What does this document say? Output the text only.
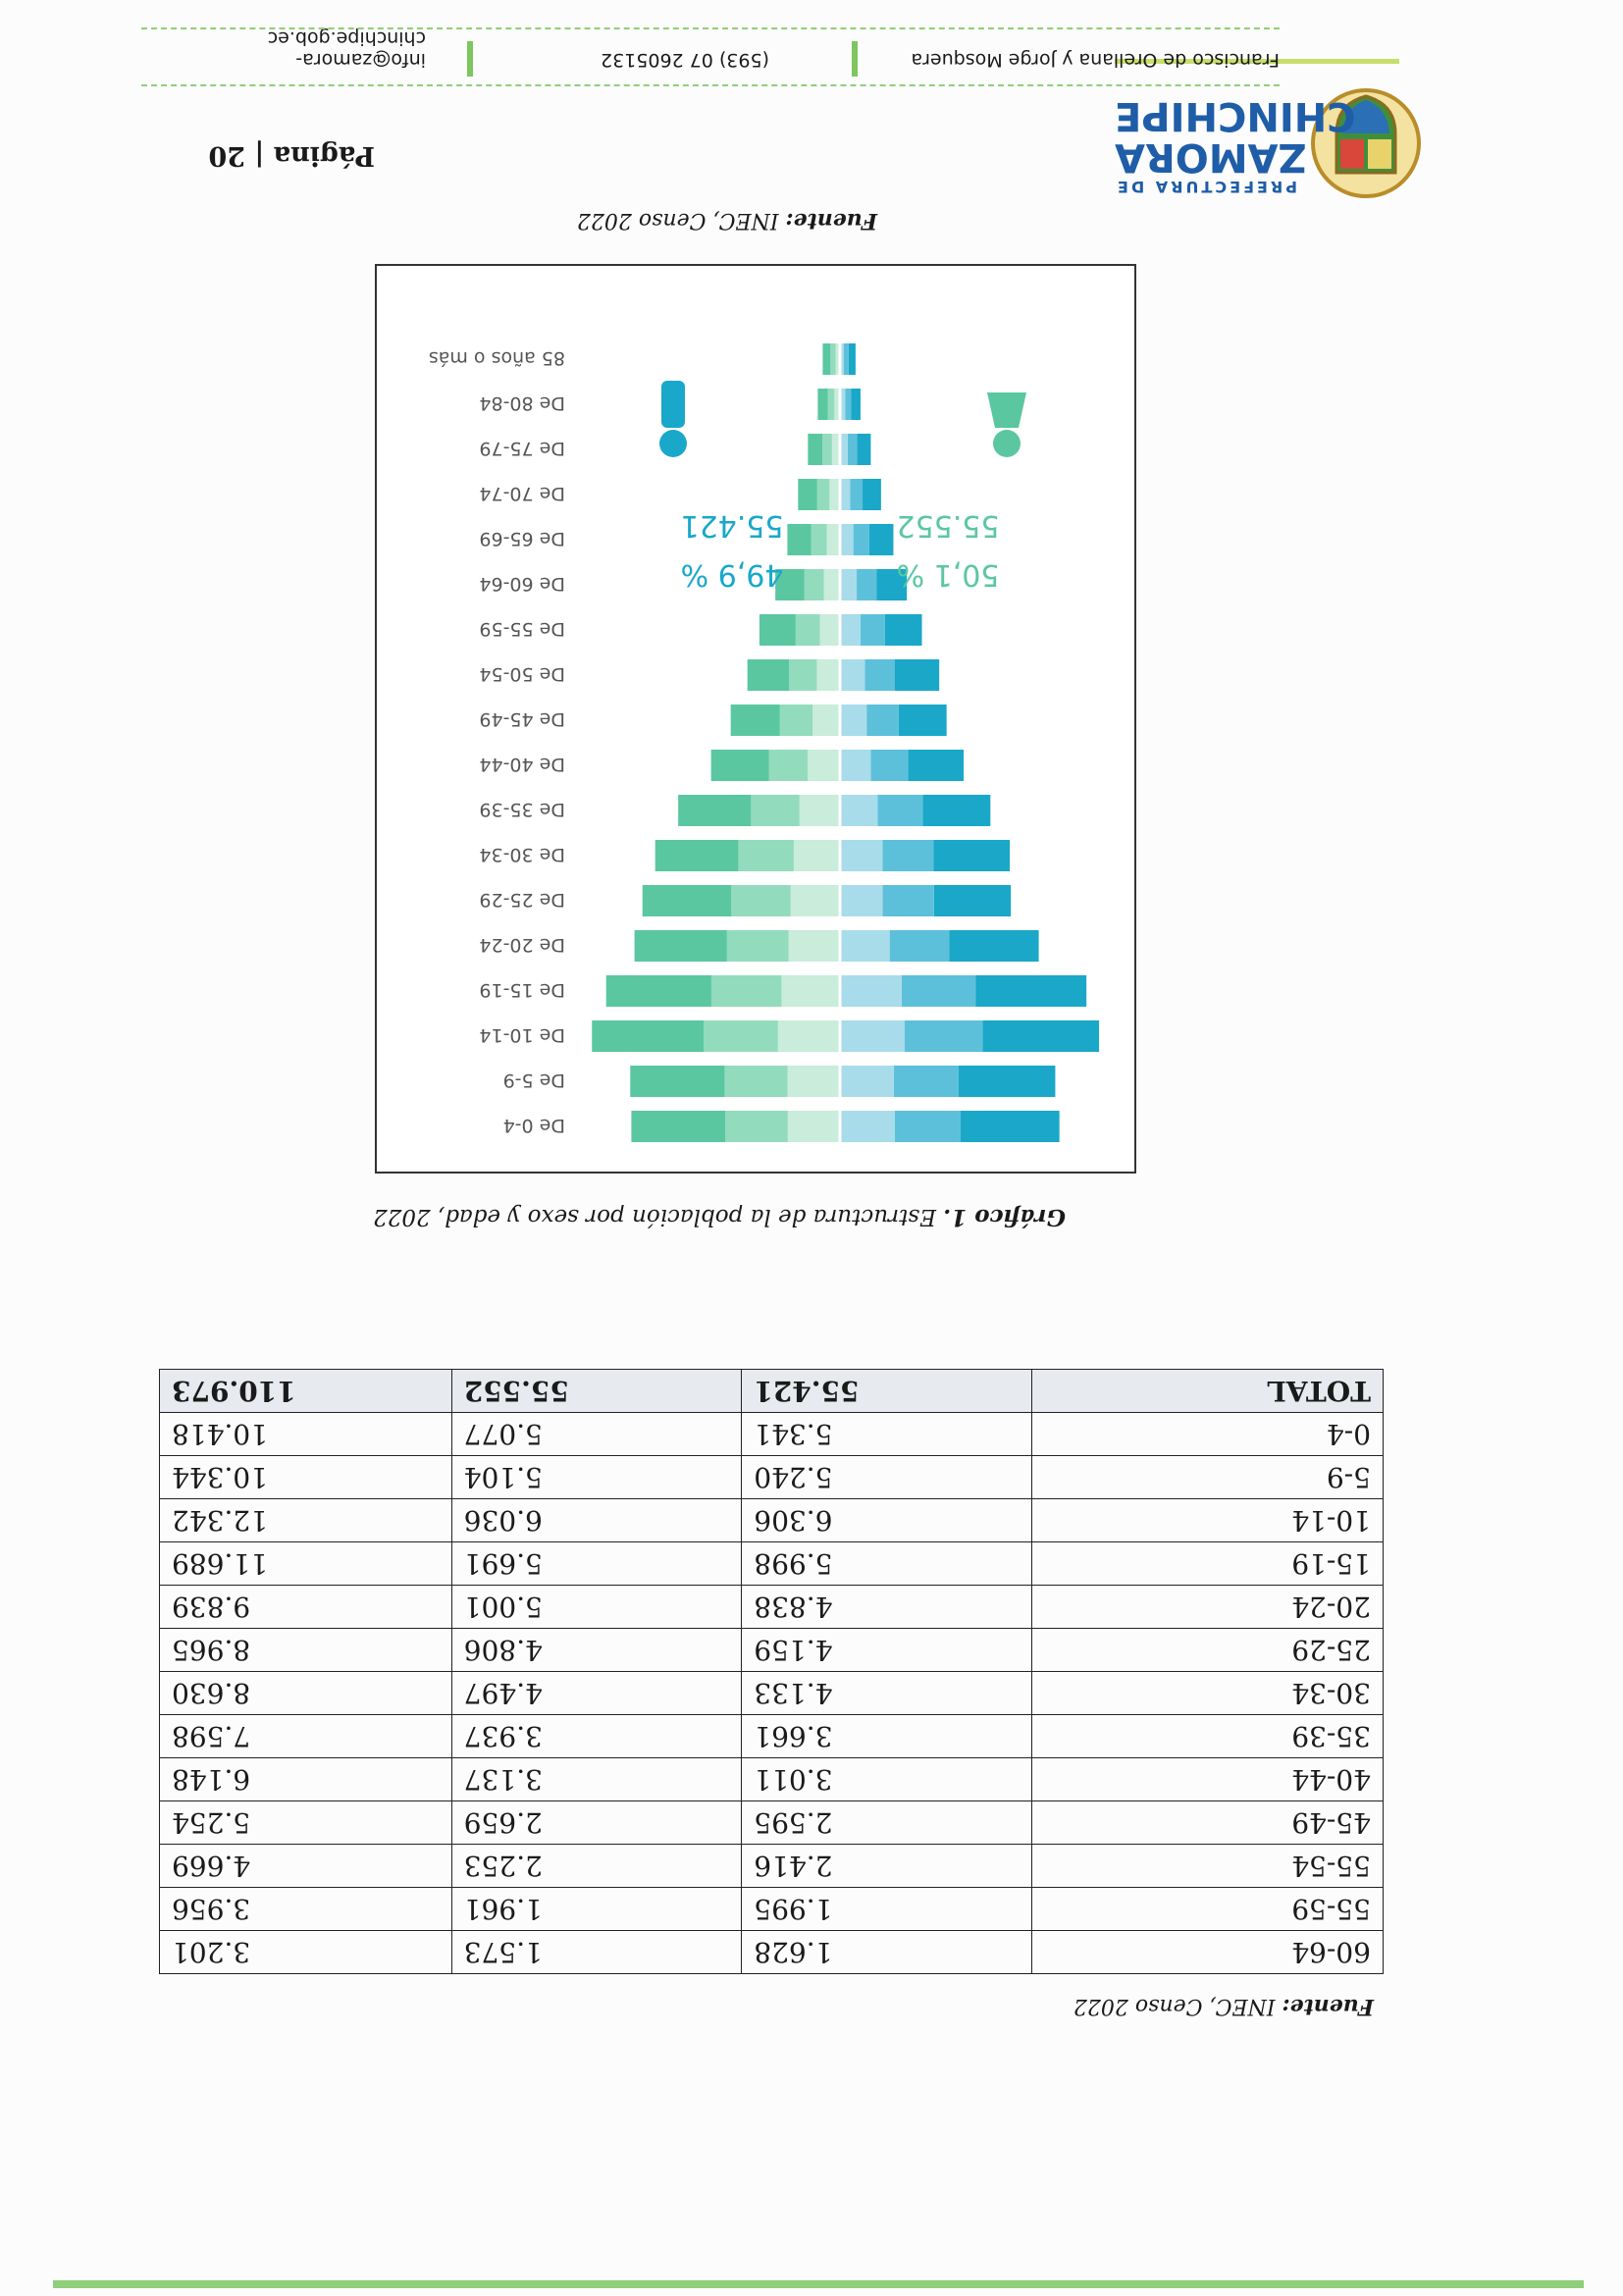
PREFECTURA DE
ZAMORA
CHINCHIPE
60-64	1.628	1.573	3.201
55-59	1.995	1.961	3.956
55-54	2.416	2.253	4.669
45-49	2.595	2.659	5.254
40-44	3.011	3.137	6.148
35-39	3.661	3.937	7.598
30-34	4.133	4.497	8.630
25-29	4.159	4.806	8.965
20-24	4.838	5.001	9.839
15-19	5.998	5.691	11.689
10-14	6.306	6.036	12.342
5-9	5.240	5.104	10.344
0-4	5.341	5.077	10.418
TOTAL	55.421	55.552	110.973
Fuente: INEC, Censo 2022
Gráfico 1. Estructura de la población por sexo y edad, 2022
De 0-4
De 5-9
De 10-14
De 15-19
De 20-24
De 25-29
De 30-34
De 35-39
De 40-44
De 45-49
De 50-54
De 55-59
De 60-64
De 65-69
De 70-74
De 75-79
De 80-84
85 años o más
55.421
49,9 %
55.552
50,1 %
Fuente: INEC, Censo 2022
Página | 20
Francisco de Orellana y Jorge Mosquera
(593) 07 2605132
info@zamora-chinchipe.gob.ec
